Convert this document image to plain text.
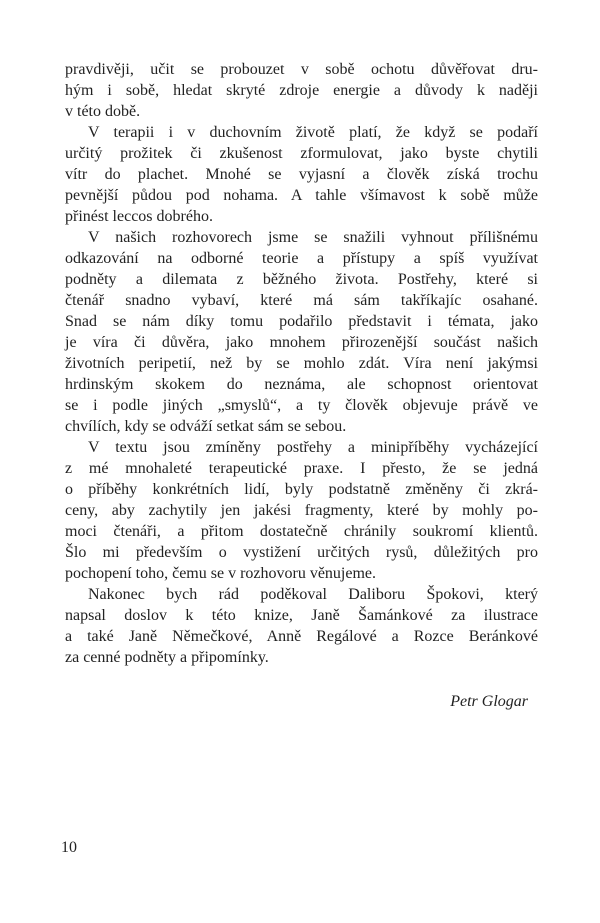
pravdivěji, učit se probouzet v sobě ochotu důvěřovat dru-
hým i sobě, hledat skryté zdroje energie a důvody k naději
v této době.
V terapii i v duchovním životě platí, že když se podaří
určitý prožitek či zkušenost zformulovat, jako byste chytili
vítr do plachet. Mnohé se vyjasní a člověk získá trochu
pevnější půdou pod nohama. A tahle všímavost k sobě může
přinést leccos dobrého.
V našich rozhovorech jsme se snažili vyhnout přílišnému
odkazování na odborné teorie a přístupy a spíš využívat
podněty a dilemata z běžného života. Postřehy, které si
čtenář snadno vybaví, které má sám takříkajíc osahané.
Snad se nám díky tomu podařilo představit i témata, jako
je víra či důvěra, jako mnohem přirozenější součást našich
životních peripetií, než by se mohlo zdát. Víra není jakýmsi
hrdinským skokem do neznáma, ale schopnost orientovat
se i podle jiných „smyslů“, a ty člověk objevuje právě ve
chvílích, kdy se odváží setkat sám se sebou.
V textu jsou zmíněny postřehy a minipříběhy vycházející
z mé mnohaleté terapeutické praxe. I přesto, že se jedná
o příběhy konkrétních lidí, byly podstatně změněny či zkrá-
ceny, aby zachytily jen jakési fragmenty, které by mohly po-
moci čtenáři, a přitom dostatečně chránily soukromí klientů.
Šlo mi především o vystižení určitých rysů, důležitých pro
pochopení toho, čemu se v rozhovoru věnujeme.
Nakonec bych rád poděkoval Daliboru Špokovi, který
napsal doslov k této knize, Janě Šamánkové za ilustrace
a také Janě Němečkové, Anně Regálové a Rozce Beránkové
za cenné podněty a připomínky.
Petr Glogar
10
